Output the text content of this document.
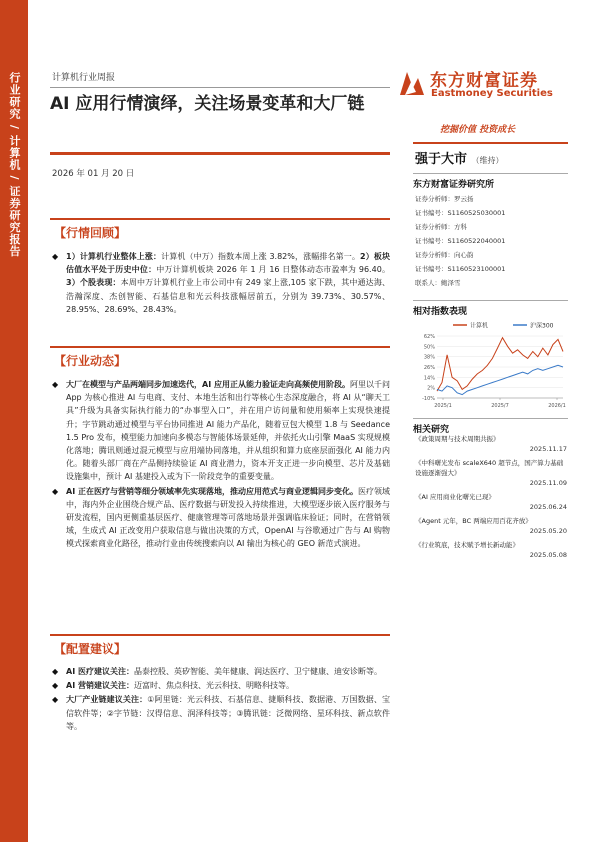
行业研究 / 计算机 / 证券研究报告	计算机行业周报
AI 应用行情演绎，关注场景变革和大厂链
东方财富证券
Eastmoney Securities
挖掘价值 投资成长
2026 年 01 月 20 日
强于大市 （维持）
东方财富证券研究所
证券分析师：罗云扬
证书编号：S1160525030001
证券分析师：方科
证书编号：S1160522040001
证券分析师：向心韵
证书编号：S1160523100001
联系人：鲍泽雪
相对指数表现
计算机	沪深300
-10%
2%
14%
26%
38%
50%
62%
2025/1	2025/7	2026/1
相关研究
《政策周期与技术周期共振》
2025.11.17
《中科曙光发布 scaleX640 超节点，国产算力基础设施逐渐强大》
2025.11.09
《AI 应用商业化曙光已现》
2025.06.24
《Agent 元年，BC 两端应用百花齐放》
2025.05.20
《行业筑底，技术赋予增长新动能》
2025.05.08
【行情回顾】
◆ 1）计算机行业整体上涨：计算机（中万）指数本周上涨 3.82%，涨幅排名第一。2）板块估值水平处于历史中位：中万计算机板块 2026 年 1 月 16 日整体动态市盈率为 96.40。3）个股表现：本周中万计算机行业上市公司中有 249 家上涨,105 家下跌，其中通达海、浩瀚深度、杰创智能、石基信息和光云科技涨幅居前五，分别为 39.73%、30.57%、28.95%、28.69%、28.43%。
【行业动态】
◆ 大厂在模型与产品两端同步加速迭代，AI 应用正从能力验证走向高频使用阶段。阿里以千问 App 为核心推进 AI 与电商、支付、本地生活和出行等核心生态深度融合，将 AI 从“聊天工具”升级为具备实际执行能力的“办事型入口”，并在用户访问量和使用频率上实现快速提升；字节跳动通过模型与平台协同推进 AI 能力产品化，随着豆包大模型 1.8 与 Seedance 1.5 Pro 发布，模型能力加速向多模态与智能体场景延伸，并依托火山引擎 MaaS 实现规模化落地；腾讯则通过混元模型与应用端协同落地，并从组织和算力底座层面强化 AI 能力内化。随着头部厂商在产品侧持续验证 AI 商业潜力，资本开支正进一步向模型、芯片及基础设施集中，预计 AI 基建投入或为下一阶段竞争的重要变量。
◆ AI 正在医疗与营销等细分领域率先实现落地，推动应用范式与商业逻辑同步变化。医疗领域中，海内外企业围绕合规产品、医疗数据与研发投入持续推进，大模型逐步嵌入医疗服务与研发流程，国内更侧重基层医疗、健康管理等可落地场景并强调临床验证；同时，在营销领域，生成式 AI 正改变用户获取信息与做出决策的方式，OpenAI 与谷歌通过广告与 AI 购物模式探索商业化路径，推动行业由传统搜索向以 AI 输出为核心的 GEO 新范式演进。
【配置建议】
◆ AI 医疗建议关注：晶泰控股、英矽智能、美年健康、润达医疗、卫宁健康、迪安诊断等。
◆ AI 营销建议关注：迈富时、焦点科技、光云科技、明略科技等。
◆ 大厂产业链建议关注：①阿里链：光云科技、石基信息、捷顺科技、数据港、万国数据、宝信软件等；②字节链：汉得信息、润泽科技等；③腾讯链：泛微网络、星环科技、新点软件等。
